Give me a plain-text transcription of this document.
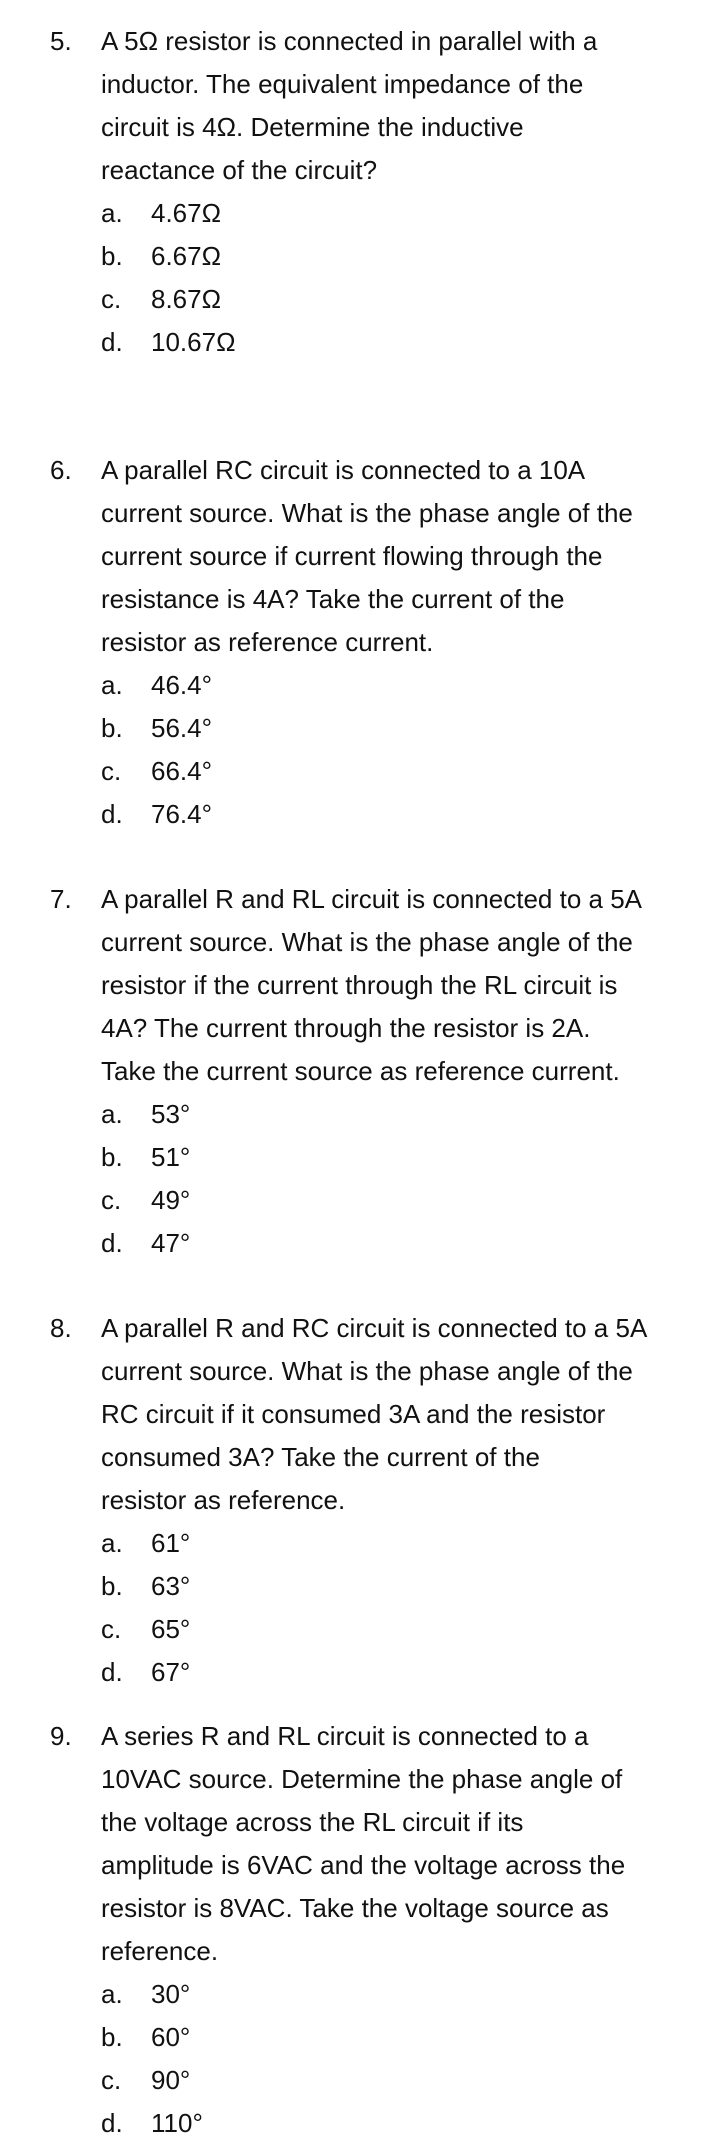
5.	A 5Ω resistor is connected in parallel with a
inductor. The equivalent impedance of the
circuit is 4Ω. Determine the inductive
reactance of the circuit?
a. 4.67Ω
b. 6.67Ω
c. 8.67Ω
d. 10.67Ω
6.	A parallel RC circuit is connected to a 10A
current source. What is the phase angle of the
current source if current flowing through the
resistance is 4A? Take the current of the
resistor as reference current.
a. 46.4°
b. 56.4°
c. 66.4°
d. 76.4°
7.	A parallel R and RL circuit is connected to a 5A
current source. What is the phase angle of the
resistor if the current through the RL circuit is
4A? The current through the resistor is 2A.
Take the current source as reference current.
a. 53°
b. 51°
c. 49°
d. 47°
8.	A parallel R and RC circuit is connected to a 5A
current source. What is the phase angle of the
RC circuit if it consumed 3A and the resistor
consumed 3A? Take the current of the
resistor as reference.
a. 61°
b. 63°
c. 65°
d. 67°
9.	A series R and RL circuit is connected to a
10VAC source. Determine the phase angle of
the voltage across the RL circuit if its
amplitude is 6VAC and the voltage across the
resistor is 8VAC. Take the voltage source as
reference.
a. 30°
b. 60°
c. 90°
d. 110°
